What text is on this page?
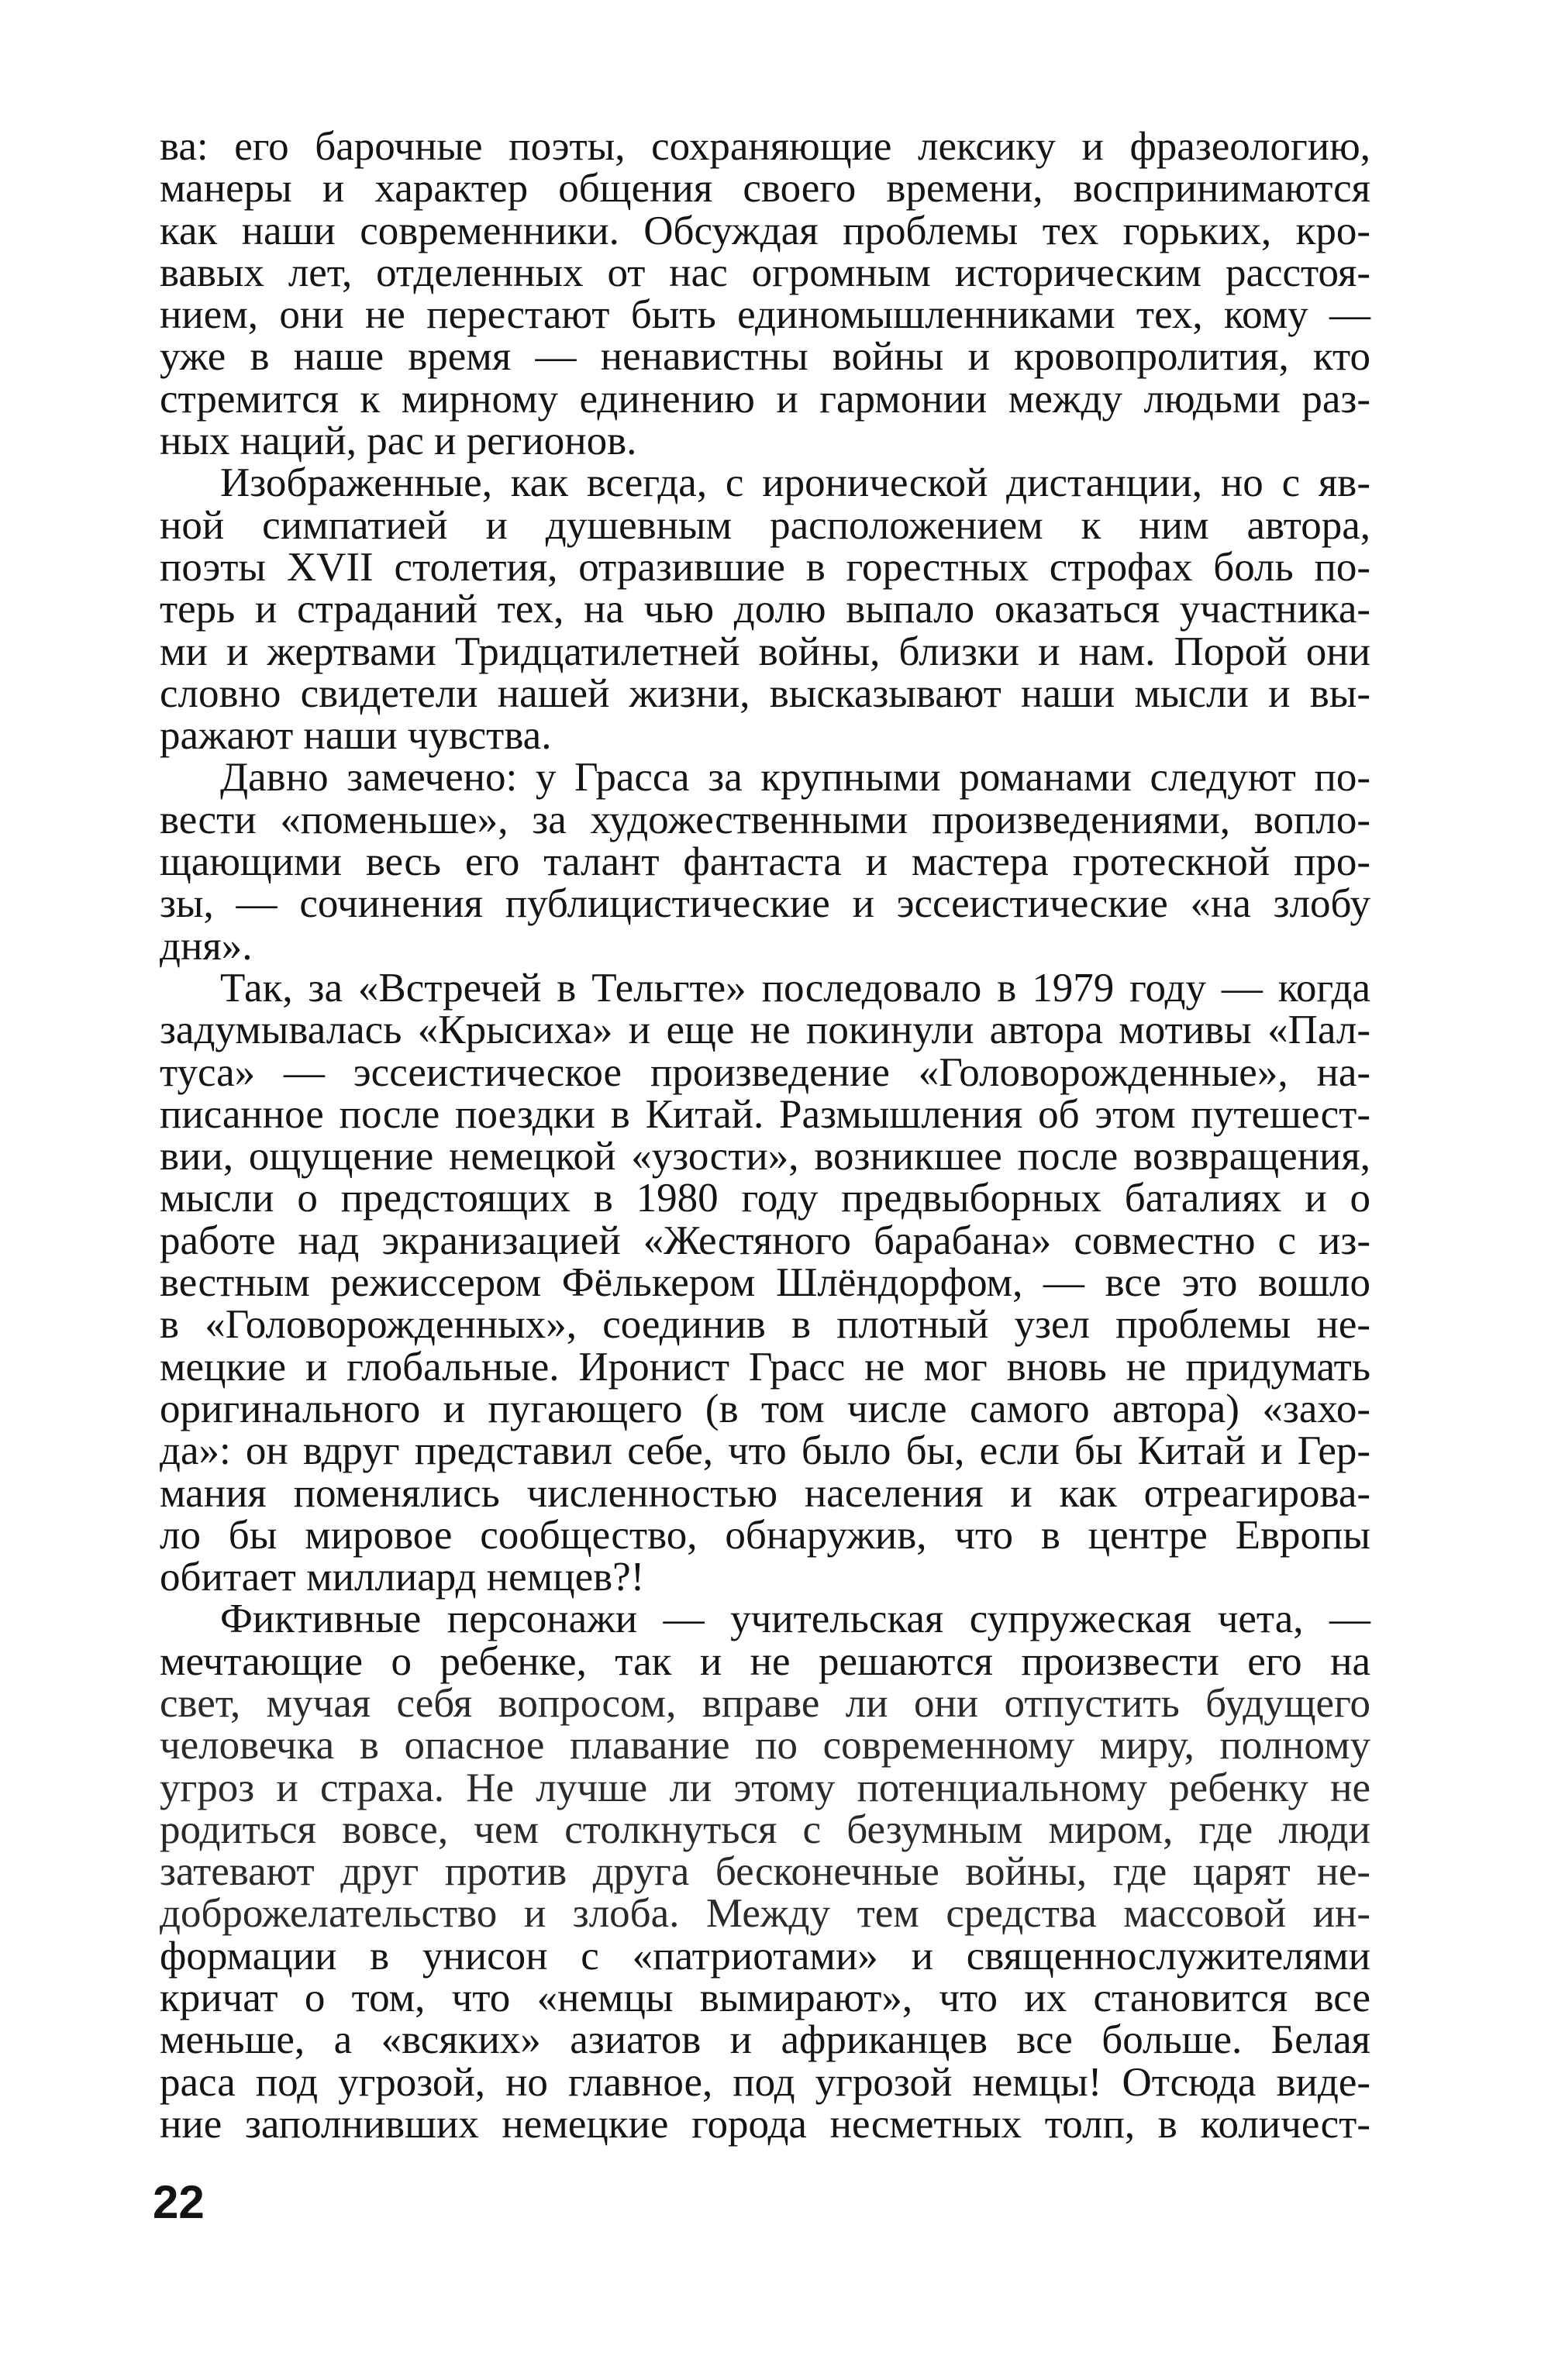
ва: его барочные поэты, сохраняющие лексику и фразеологию,
манеры и характер общения своего времени, воспринимаются
как наши современники. Обсуждая проблемы тех горьких, кро-
вавых лет, отделенных от нас огромным историческим расстоя-
нием, они не перестают быть единомышленниками тех, кому —
уже в наше время — ненавистны войны и кровопролития, кто
стремится к мирному единению и гармонии между людьми раз-
ных наций, рас и регионов.
Изображенные, как всегда, с иронической дистанции, но с яв-
ной симпатией и душевным расположением к ним автора,
поэты XVII столетия, отразившие в горестных строфах боль по-
терь и страданий тех, на чью долю выпало оказаться участника-
ми и жертвами Тридцатилетней войны, близки и нам. Порой они
словно свидетели нашей жизни, высказывают наши мысли и вы-
ражают наши чувства.
Давно замечено: у Грасса за крупными романами следуют по-
вести «поменьше», за художественными произведениями, вопло-
щающими весь его талант фантаста и мастера гротескной про-
зы, — сочинения публицистические и эссеистические «на злобу
дня».
Так, за «Встречей в Тельгте» последовало в 1979 году — когда
задумывалась «Крысиха» и еще не покинули автора мотивы «Пал-
туса» — эссеистическое произведение «Головорожденные», на-
писанное после поездки в Китай. Размышления об этом путешест-
вии, ощущение немецкой «узости», возникшее после возвращения,
мысли о предстоящих в 1980 году предвыборных баталиях и о
работе над экранизацией «Жестяного барабана» совместно с из-
вестным режиссером Фёлькером Шлёндорфом, — все это вошло
в «Головорожденных», соединив в плотный узел проблемы не-
мецкие и глобальные. Иронист Грасс не мог вновь не придумать
оригинального и пугающего (в том числе самого автора) «захо-
да»: он вдруг представил себе, что было бы, если бы Китай и Гер-
мания поменялись численностью населения и как отреагирова-
ло бы мировое сообщество, обнаружив, что в центре Европы
обитает миллиард немцев?!
Фиктивные персонажи — учительская супружеская чета, —
мечтающие о ребенке, так и не решаются произвести его на
свет, мучая себя вопросом, вправе ли они отпустить будущего
человечка в опасное плавание по современному миру, полному
угроз и страха. Не лучше ли этому потенциальному ребенку не
родиться вовсе, чем столкнуться с безумным миром, где люди
затевают друг против друга бесконечные войны, где царят не-
доброжелательство и злоба. Между тем средства массовой ин-
формации в унисон с «патриотами» и священнослужителями
кричат о том, что «немцы вымирают», что их становится все
меньше, а «всяких» азиатов и африканцев все больше. Белая
раса под угрозой, но главное, под угрозой немцы! Отсюда виде-
ние заполнивших немецкие города несметных толп, в количест-
22
